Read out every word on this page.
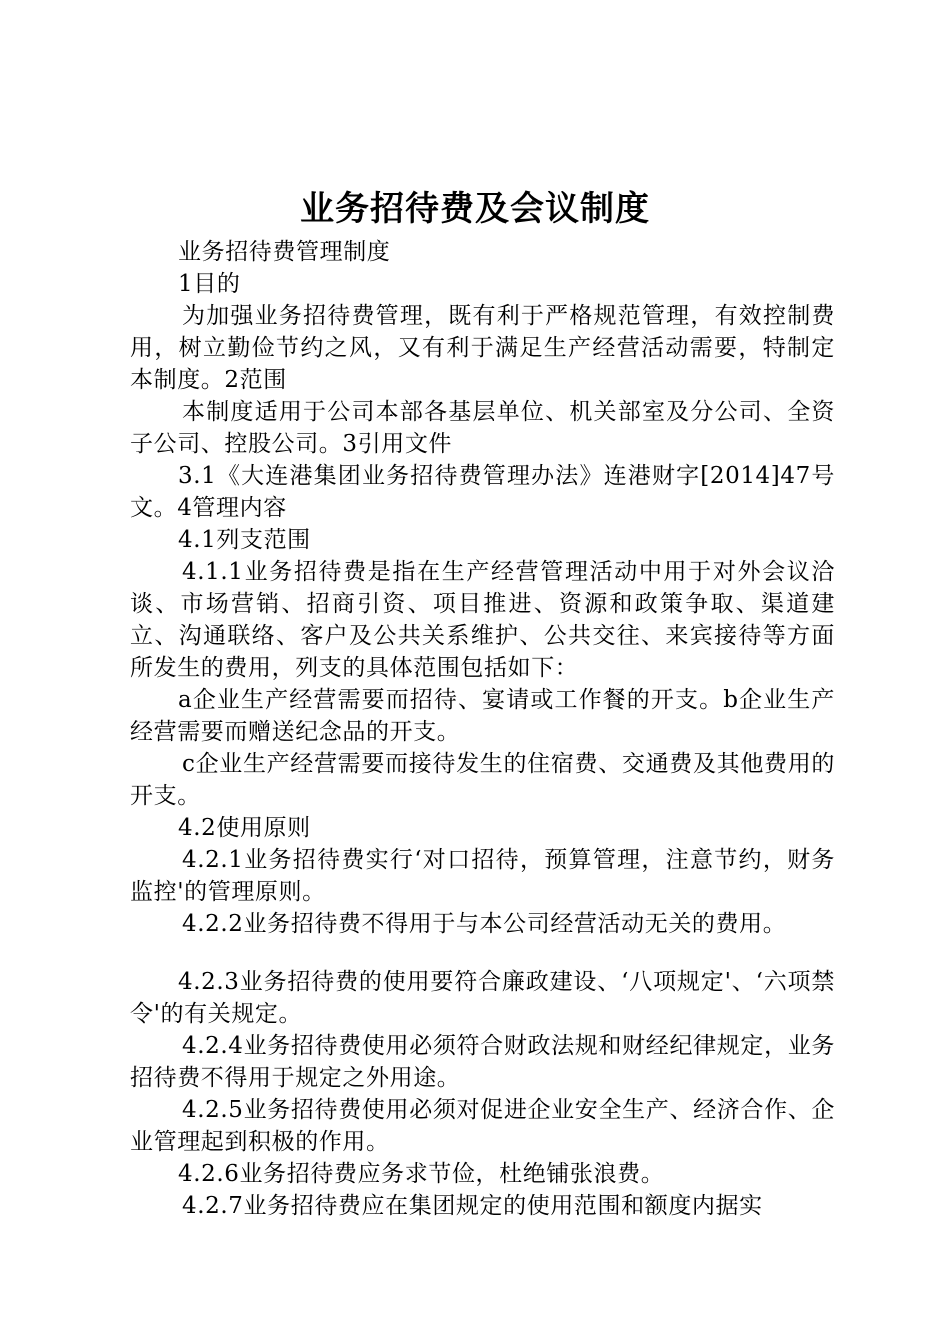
业务招待费及会议制度

业务招待费管理制度

1目的

为加强业务招待费管理，既有利于严格规范管理，有效控制费用，树立勤俭节约之风，又有利于满足生产经营活动需要，特制定本制度。2范围

本制度适用于公司本部各基层单位、机关部室及分公司、全资子公司、控股公司。3引用文件

3.1《大连港集团业务招待费管理办法》连港财字[2014]47号文。4管理内容

4.1列支范围

4.1.1业务招待费是指在生产经营管理活动中用于对外会议洽谈、市场营销、招商引资、项目推进、资源和政策争取、渠道建立、沟通联络、客户及公共关系维护、公共交往、来宾接待等方面所发生的费用，列支的具体范围包括如下：

a企业生产经营需要而招待、宴请或工作餐的开支。b企业生产经营需要而赠送纪念品的开支。

c企业生产经营需要而接待发生的住宿费、交通费及其他费用的开支。

4.2使用原则

4.2.1业务招待费实行‘对口招待，预算管理，注意节约，财务监控'的管理原则。

4.2.2业务招待费不得用于与本公司经营活动无关的费用。

4.2.3业务招待费的使用要符合廉政建设、‘八项规定'、‘六项禁令'的有关规定。

4.2.4业务招待费使用必须符合财政法规和财经纪律规定，业务招待费不得用于规定之外用途。

4.2.5业务招待费使用必须对促进企业安全生产、经济合作、企业管理起到积极的作用。

4.2.6业务招待费应务求节俭，杜绝铺张浪费。

4.2.7业务招待费应在集团规定的使用范围和额度内据实
